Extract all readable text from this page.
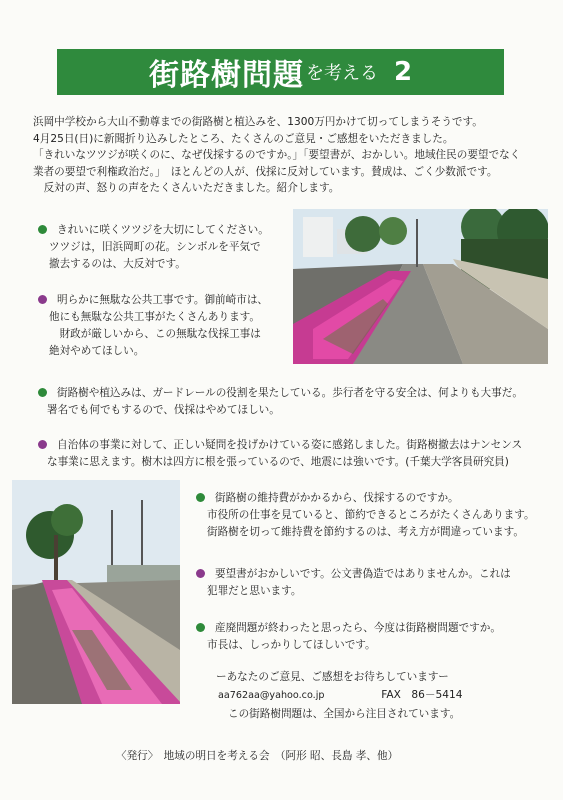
街路樹問題 を考える 2

浜岡中学校から大山不動尊までの街路樹と植込みを、1300万円かけて切ってしまうそうです。

4月25日(日)に新聞折り込みしたところ、たくさんのご意見・ご感想をいただきました。

「きれいなツツジが咲くのに、なぜ伐採するのですか。」「要望書が、おかしい。地域住民の要望でなく

業者の要望で利権政治だ。」　ほとんどの人が、伐採に反対しています。賛成は、ごく少数派です。

　反対の声、怒りの声をたくさんいただきました。紹介します。

きれいに咲くツツジを大切にしてください。

ツツジは，旧浜岡町の花。シンボルを平気で

撤去するのは、大反対です。

明らかに無駄な公共工事です。御前崎市は、

他にも無駄な公共工事がたくさんあります。

　財政が厳しいから、この無駄な伐採工事は

絶対やめてほしい。

街路樹や植込みは、ガードレールの役割を果たしている。歩行者を守る安全は、何よりも大事だ。

署名でも何でもするので、伐採はやめてほしい。

自治体の事業に対して、正しい疑問を投げかけている姿に感銘しました。街路樹撤去はナンセンス

な事業に思えます。樹木は四方に根を張っているので、地震には強いです。(千葉大学客員研究員)

街路樹の維持費がかかるから、伐採するのですか。

市役所の仕事を見ていると、節約できるところがたくさんあります。

街路樹を切って維持費を節約するのは、考え方が間違っています。

要望書がおかしいです。公文書偽造ではありませんか。これは

犯罪だと思います。

産廃問題が終わったと思ったら、今度は街路樹問題ですか。

市長は、しっかりしてほしいです。

ーあなたのご意見、ご感想をお待ちしていますー

aa762aa@yahoo.co.jp	FAX　86－5414

この街路樹問題は、全国から注目されています。

〈発行〉　地域の明日を考える会　（阿形 昭、長島 孝、他）
